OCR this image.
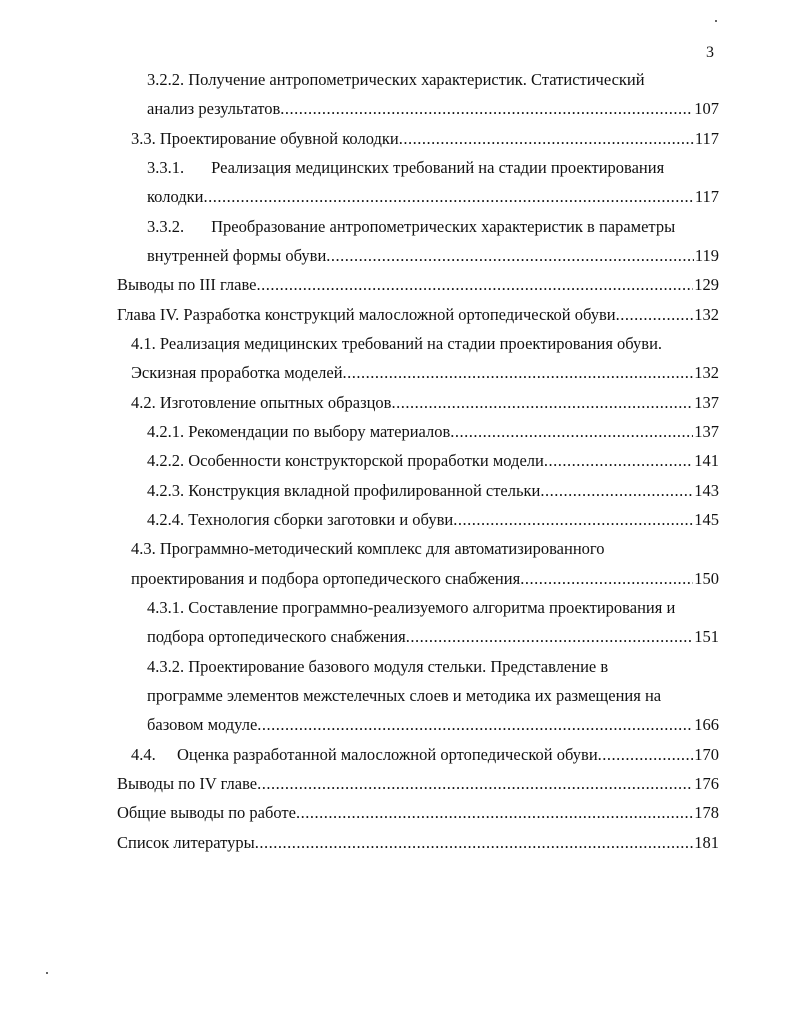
3
3.2.2. Получение антропометрических характеристик. Статистический
анализ результатов .....	107
3.3. Проектирование обувной колодки .....	117
3.3.1. Реализация медицинских требований на стадии проектирования
колодки .....	117
3.3.2. Преобразование антропометрических характеристик в параметры
внутренней формы обуви .....	119
Выводы по III главе .....	129
Глава IV. Разработка конструкций малосложной ортопедической обуви .....	132
4.1. Реализация медицинских требований на стадии проектирования обуви.
Эскизная проработка моделей .....	132
4.2. Изготовление опытных образцов .....	137
4.2.1. Рекомендации по выбору материалов .....	137
4.2.2. Особенности конструкторской проработки модели .....	141
4.2.3. Конструкция вкладной профилированной стельки .....	143
4.2.4. Технология сборки заготовки и обуви .....	145
4.3. Программно-методический комплекс для автоматизированного
проектирования и подбора ортопедического снабжения .....	150
4.3.1. Составление программно-реализуемого алгоритма проектирования и
подбора ортопедического снабжения .....	151
4.3.2. Проектирование базового модуля стельки. Представление в
программе элементов межстелечных слоев и методика их размещения на
базовом модуле .....	166
4.4.	Оценка разработанной малосложной ортопедической обуви .....	170
Выводы по IV главе .....	176
Общие выводы по работе .....	178
Список литературы .....	181
